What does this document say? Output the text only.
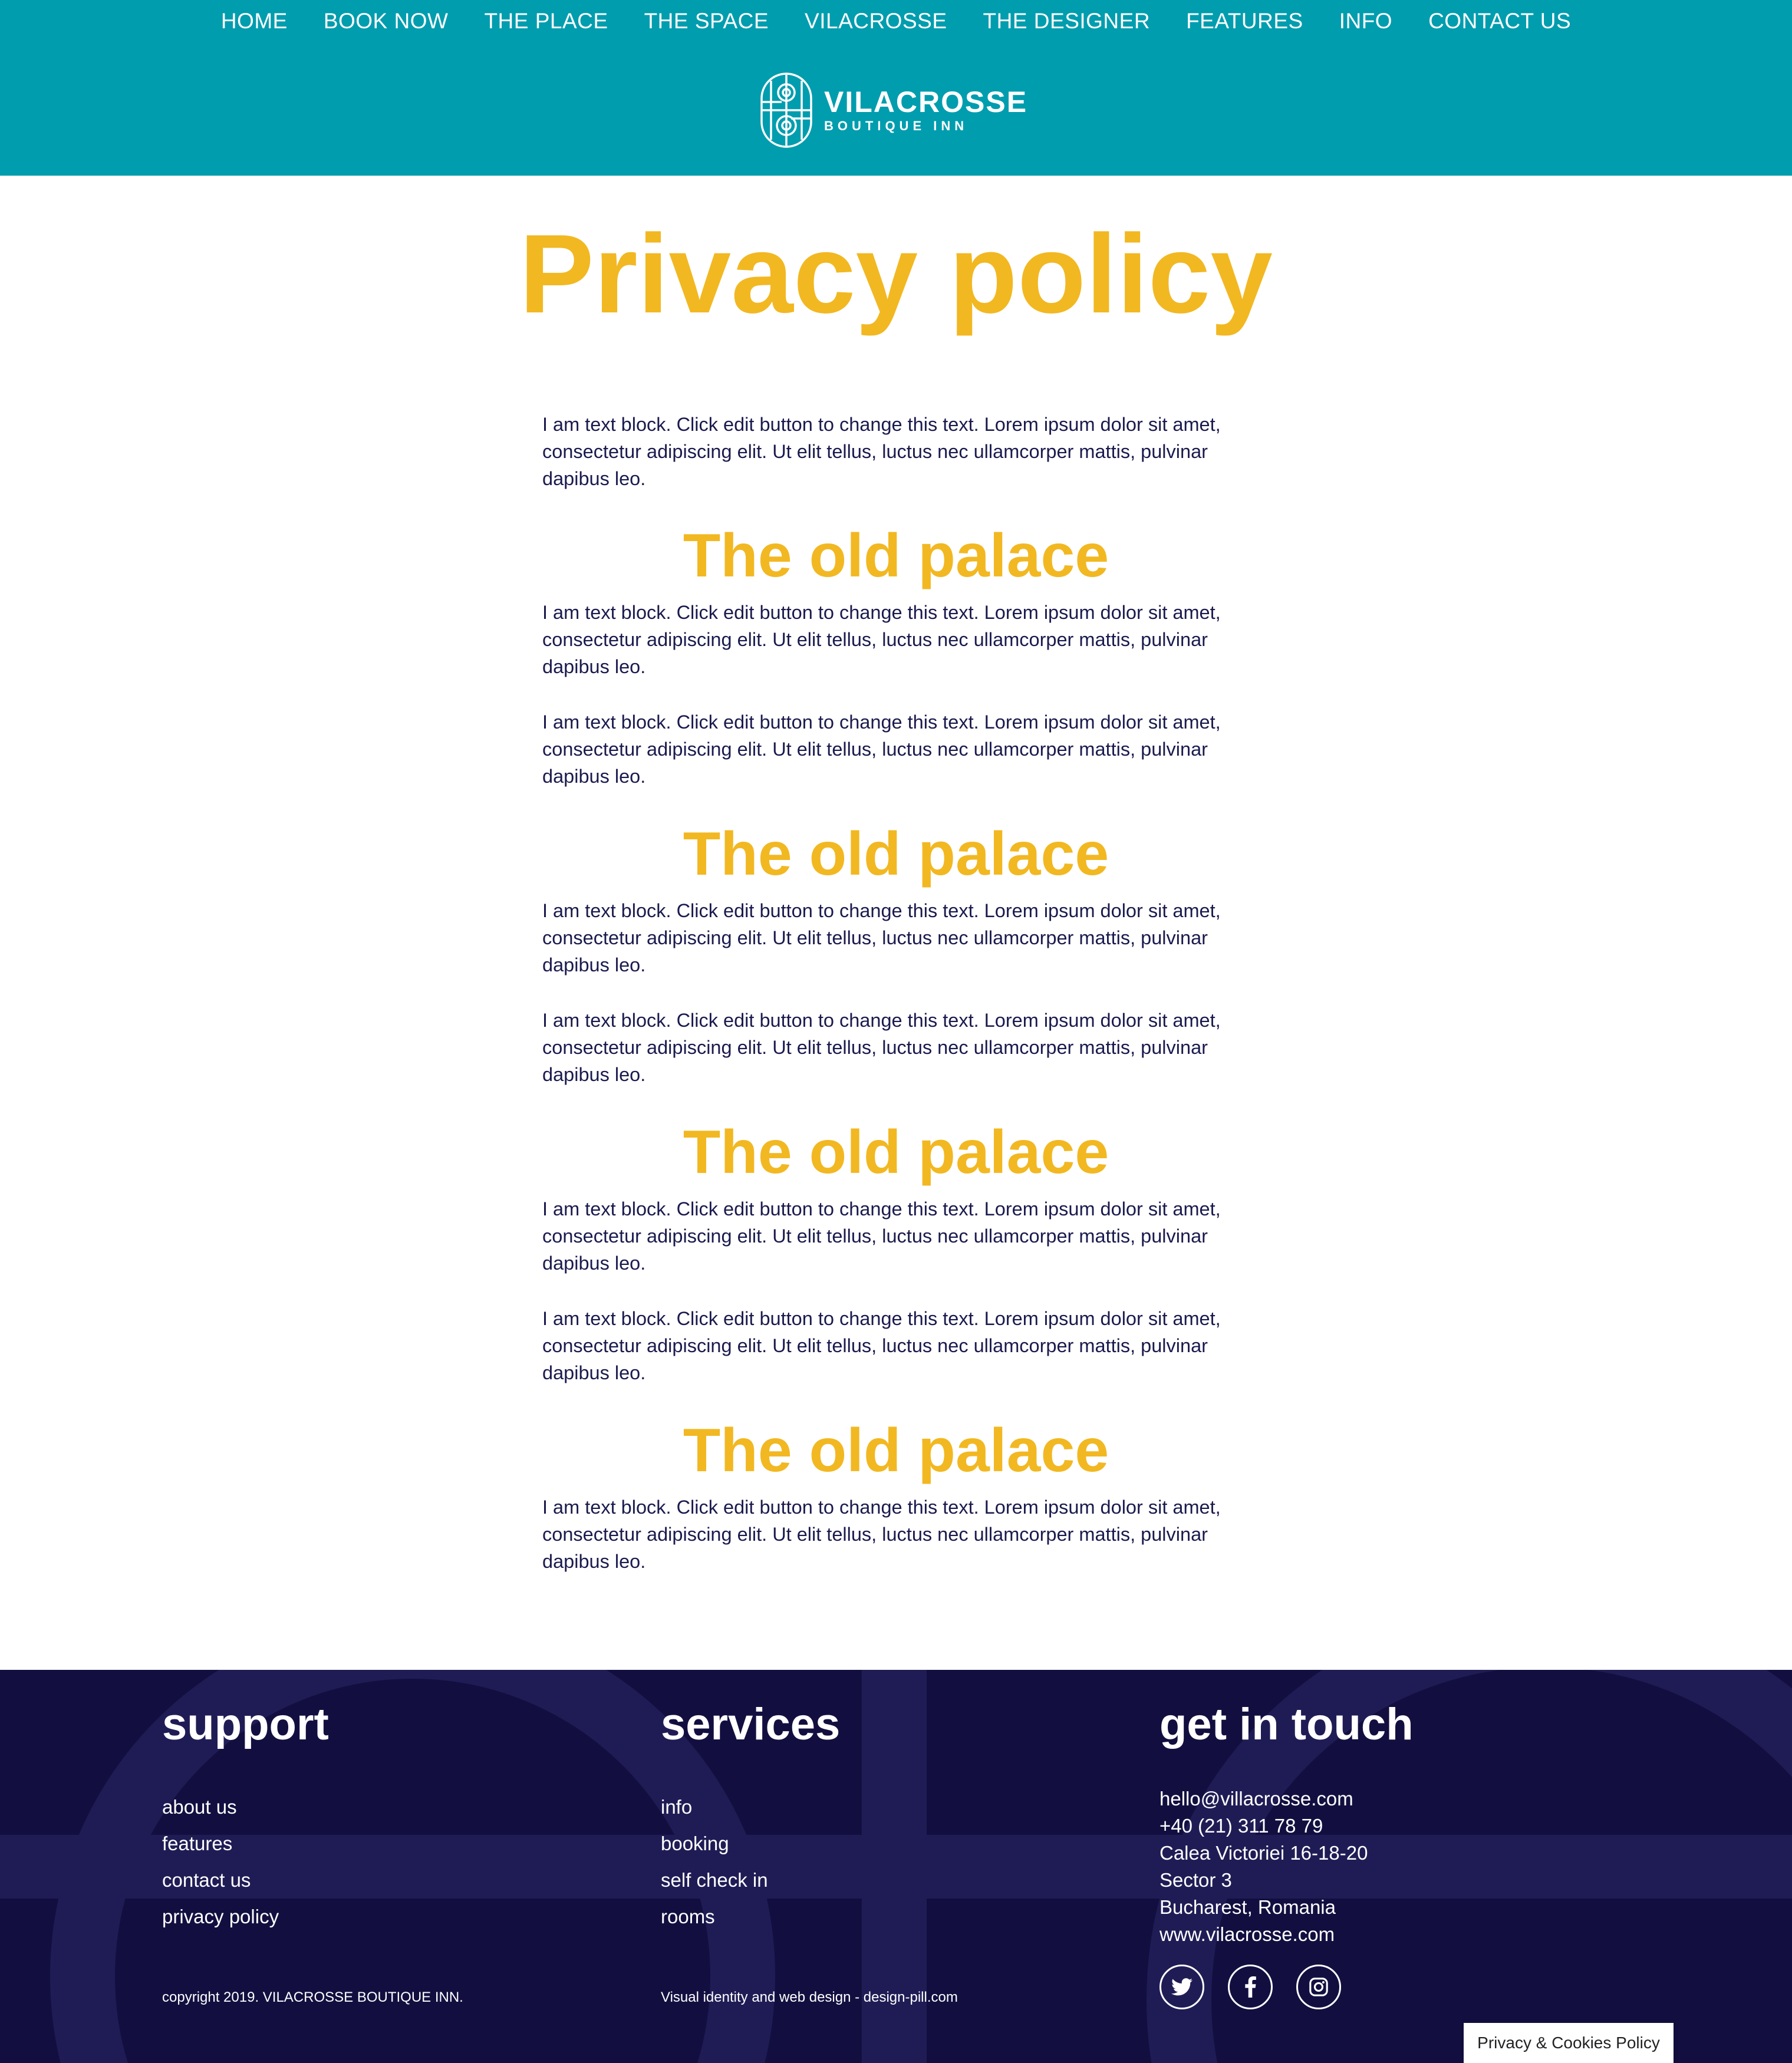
HOME BOOK NOW THE PLACE THE SPACE VILACROSSE THE DESIGNER FEATURES INFO CONTACT US
VILACROSSE
BOUTIQUE INN
Privacy policy

I am text block. Click edit button to change this text. Lorem ipsum dolor sit amet, consectetur adipiscing elit. Ut elit tellus, luctus nec ullamcorper mattis, pulvinar dapibus leo.

The old palace

I am text block. Click edit button to change this text. Lorem ipsum dolor sit amet, consectetur adipiscing elit. Ut elit tellus, luctus nec ullamcorper mattis, pulvinar dapibus leo.

I am text block. Click edit button to change this text. Lorem ipsum dolor sit amet, consectetur adipiscing elit. Ut elit tellus, luctus nec ullamcorper mattis, pulvinar dapibus leo.

The old palace

I am text block. Click edit button to change this text. Lorem ipsum dolor sit amet, consectetur adipiscing elit. Ut elit tellus, luctus nec ullamcorper mattis, pulvinar dapibus leo.

I am text block. Click edit button to change this text. Lorem ipsum dolor sit amet, consectetur adipiscing elit. Ut elit tellus, luctus nec ullamcorper mattis, pulvinar dapibus leo.

The old palace

I am text block. Click edit button to change this text. Lorem ipsum dolor sit amet, consectetur adipiscing elit. Ut elit tellus, luctus nec ullamcorper mattis, pulvinar dapibus leo.

I am text block. Click edit button to change this text. Lorem ipsum dolor sit amet, consectetur adipiscing elit. Ut elit tellus, luctus nec ullamcorper mattis, pulvinar dapibus leo.

The old palace

I am text block. Click edit button to change this text. Lorem ipsum dolor sit amet, consectetur adipiscing elit. Ut elit tellus, luctus nec ullamcorper mattis, pulvinar dapibus leo.

support
about us
features
contact us
privacy policy
copyright 2019. VILACROSSE BOUTIQUE INN.
services
info
booking
self check in
rooms
Visual identity and web design - design-pill.com
get in touch
hello@villacrosse.com
+40 (21) 311 78 79
Calea Victoriei 16-18-20
Sector 3
Bucharest, Romania
www.vilacrosse.com
Privacy & Cookies Policy
